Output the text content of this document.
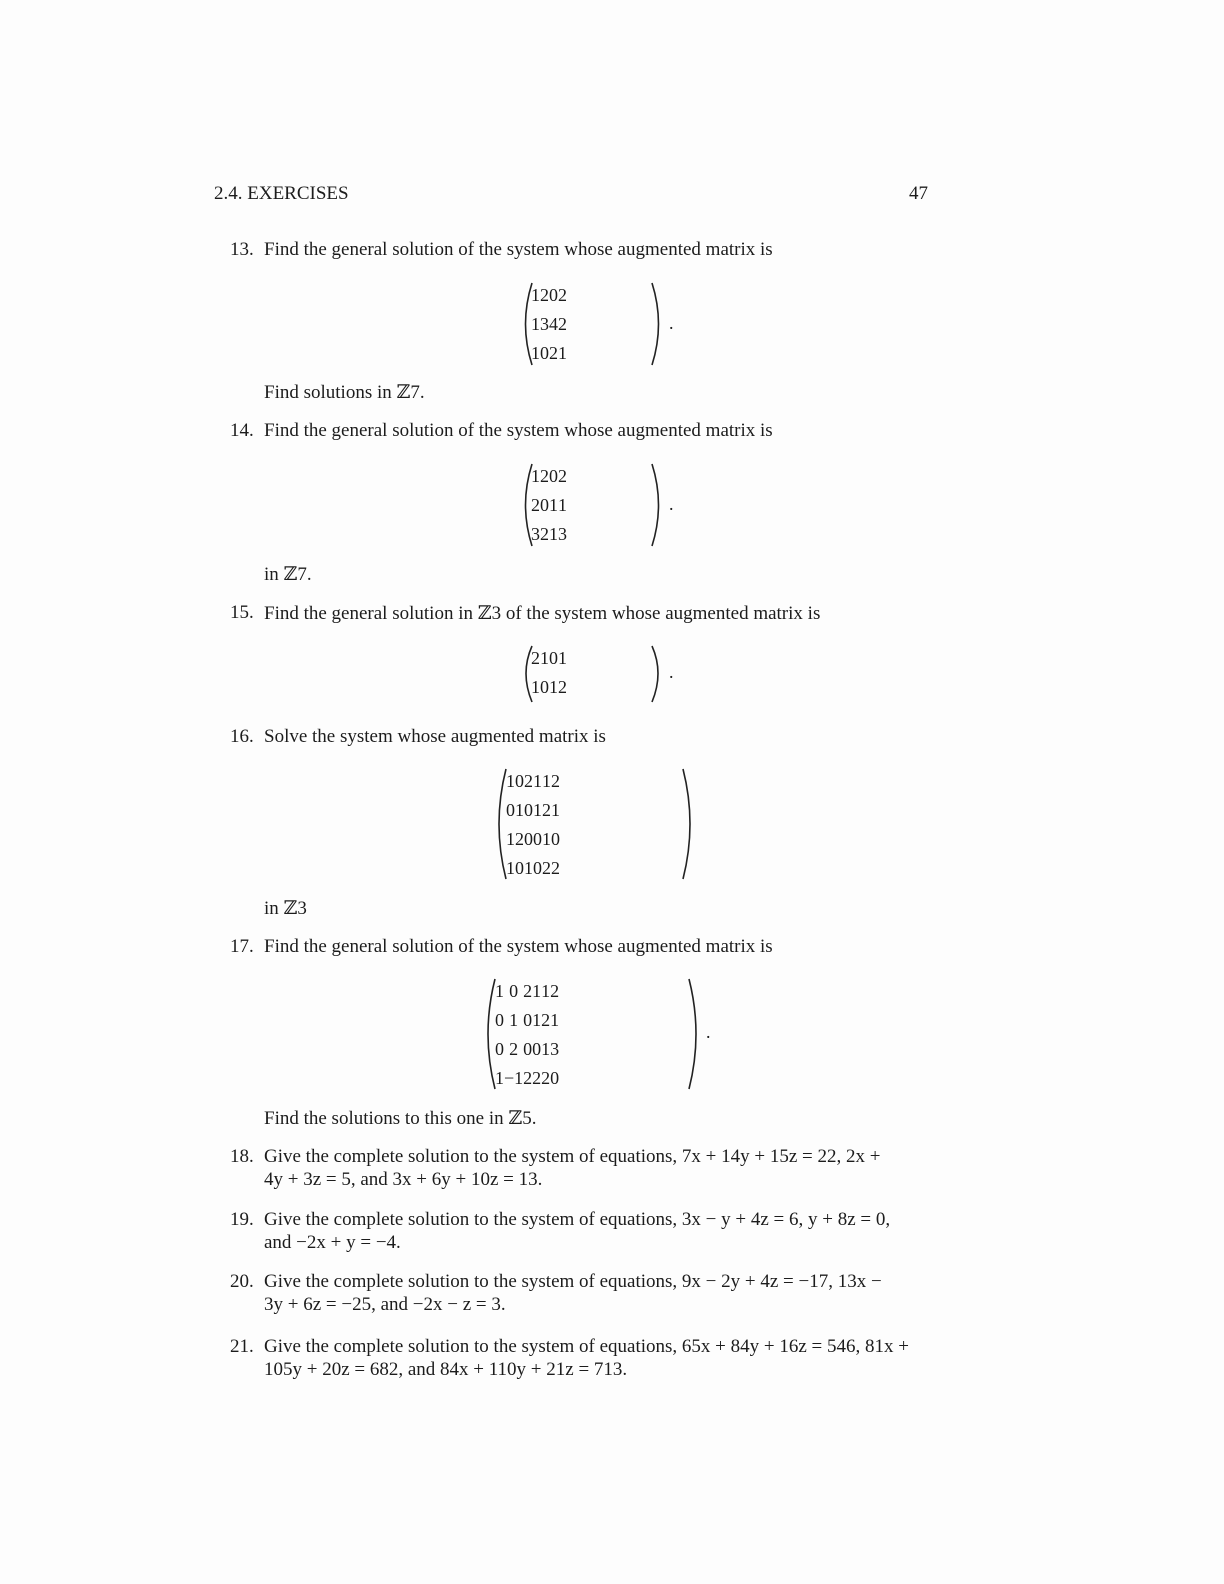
2.4. EXERCISES	47
13. Find the general solution of the system whose augmented matrix is
1	2	0	2
1	3	4	2
1	0	2	1
.
Find solutions in ℤ7.
14. Find the general solution of the system whose augmented matrix is
1	2	0	2
2	0	1	1
3	2	1	3
.
in ℤ7.
15. Find the general solution in ℤ3 of the system whose augmented matrix is
2	1	0	1
1	0	1	2
.
16. Solve the system whose augmented matrix is
1	0	2	1	1	2
0	1	0	1	2	1
1	2	0	0	1	0
1	0	1	0	2	2
in ℤ3
17. Find the general solution of the system whose augmented matrix is
1	0	2	1	1	2
0	1	0	1	2	1
0	2	0	0	1	3
1	−1	2	2	2	0
.
Find the solutions to this one in ℤ5.
18. Give the complete solution to the system of equations, 7x + 14y + 15z = 22, 2x +
4y + 3z = 5, and 3x + 6y + 10z = 13.
19. Give the complete solution to the system of equations, 3x − y + 4z = 6, y + 8z = 0,
and −2x + y = −4.
20. Give the complete solution to the system of equations, 9x − 2y + 4z = −17, 13x −
3y + 6z = −25, and −2x − z = 3.
21. Give the complete solution to the system of equations, 65x + 84y + 16z = 546, 81x +
105y + 20z = 682, and 84x + 110y + 21z = 713.
